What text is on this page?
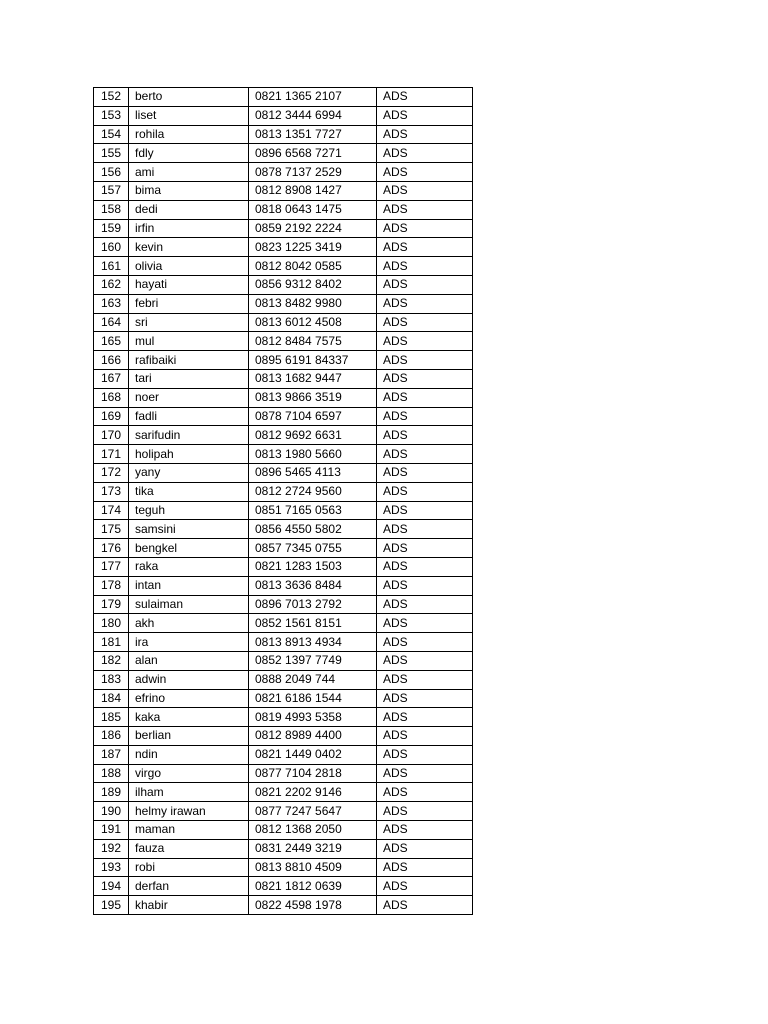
152	berto	0821 1365 2107	ADS
153	liset	0812 3444 6994	ADS
154	rohila	0813 1351 7727	ADS
155	fdly	0896 6568 7271	ADS
156	ami	0878 7137 2529	ADS
157	bima	0812 8908 1427	ADS
158	dedi	0818 0643 1475	ADS
159	irfin	0859 2192 2224	ADS
160	kevin	0823 1225 3419	ADS
161	olivia	0812 8042 0585	ADS
162	hayati	0856 9312 8402	ADS
163	febri	0813 8482 9980	ADS
164	sri	0813 6012 4508	ADS
165	mul	0812 8484 7575	ADS
166	rafibaiki	0895 6191 84337	ADS
167	tari	0813 1682 9447	ADS
168	noer	0813 9866 3519	ADS
169	fadli	0878 7104 6597	ADS
170	sarifudin	0812 9692 6631	ADS
171	holipah	0813 1980 5660	ADS
172	yany	0896 5465 4113	ADS
173	tika	0812 2724 9560	ADS
174	teguh	0851 7165 0563	ADS
175	samsini	0856 4550 5802	ADS
176	bengkel	0857 7345 0755	ADS
177	raka	0821 1283 1503	ADS
178	intan	0813 3636 8484	ADS
179	sulaiman	0896 7013 2792	ADS
180	akh	0852 1561 8151	ADS
181	ira	0813 8913 4934	ADS
182	alan	0852 1397 7749	ADS
183	adwin	0888 2049 744	ADS
184	efrino	0821 6186 1544	ADS
185	kaka	0819 4993 5358	ADS
186	berlian	0812 8989 4400	ADS
187	ndin	0821 1449 0402	ADS
188	virgo	0877 7104 2818	ADS
189	ilham	0821 2202 9146	ADS
190	helmy irawan	0877 7247 5647	ADS
191	maman	0812 1368 2050	ADS
192	fauza	0831 2449 3219	ADS
193	robi	0813 8810 4509	ADS
194	derfan	0821 1812 0639	ADS
195	khabir	0822 4598 1978	ADS
